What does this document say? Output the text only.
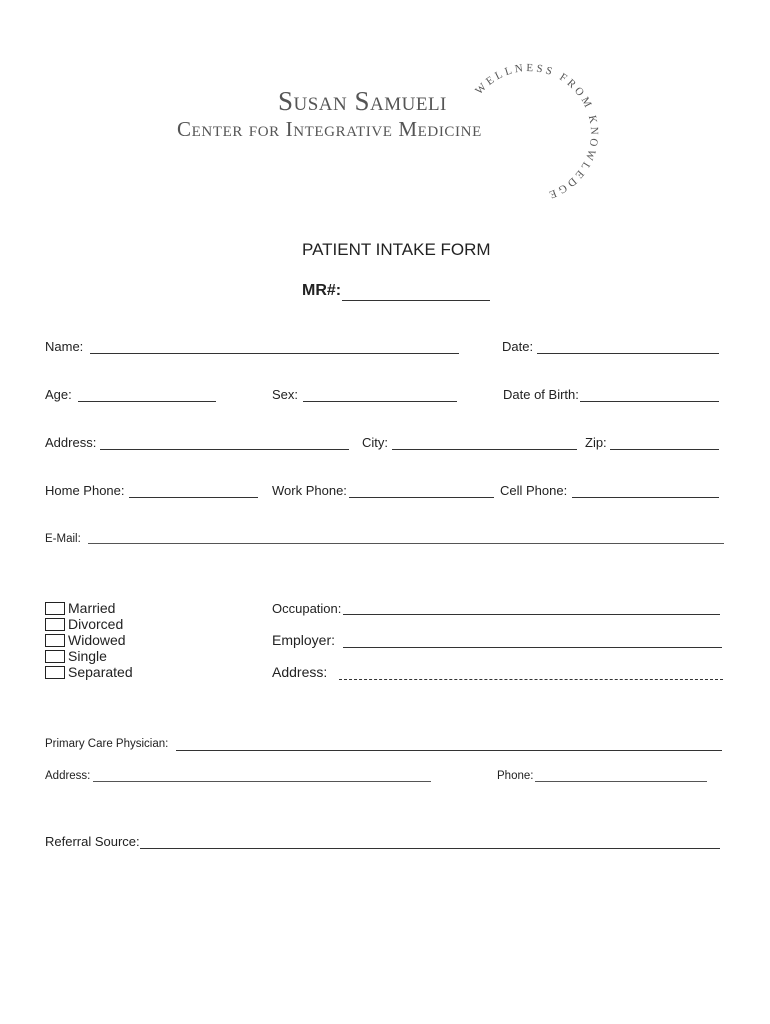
Susan Samueli
Center for Integrative Medicine
WELLNESS FROM KNOWLEDGE
PATIENT INTAKE FORM
MR#:
Name:	Date:
Age:	Sex:	Date of Birth:
Address:	City:	Zip:
Home Phone:	Work Phone:	Cell Phone:
E-Mail:
Married
Divorced
Widowed
Single
Separated
Occupation:
Employer:
Address:
Primary Care Physician:
Address:	Phone:
Referral Source:
